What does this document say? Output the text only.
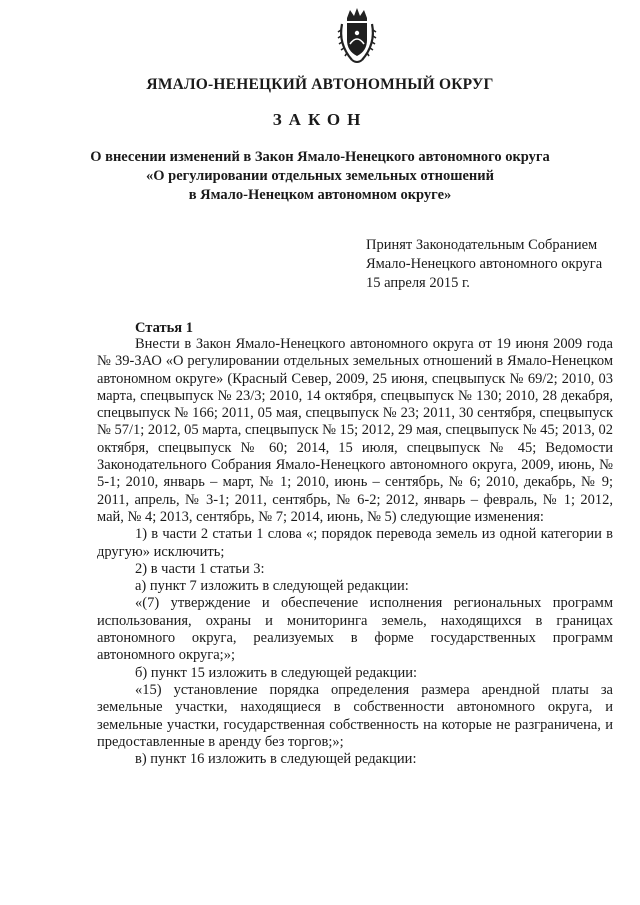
ЯМАЛО-НЕНЕЦКИЙ АВТОНОМНЫЙ ОКРУГ
ЗАКОН
О внесении изменений в Закон Ямало-Ненецкого автономного округа
«О регулировании отдельных земельных отношений
в Ямало-Ненецком автономном округе»
Принят Законодательным Собранием
Ямало-Ненецкого автономного округа
15 апреля 2015 г.
Статья 1

Внести в Закон Ямало-Ненецкого автономного округа от 19 июня 2009 года № 39-ЗАО «О регулировании отдельных земельных отношений в Ямало-Ненецком автономном округе» (Красный Север, 2009, 25 июня, спецвыпуск № 69/2; 2010, 03 марта, спецвыпуск № 23/3; 2010, 14 октября, спецвыпуск № 130; 2010, 28 декабря, спецвыпуск № 166; 2011, 05 мая, спецвыпуск № 23; 2011, 30 сентября, спецвыпуск № 57/1; 2012, 05 марта, спецвыпуск № 15; 2012, 29 мая, спецвыпуск № 45; 2013, 02 октября, спецвыпуск № 60; 2014, 15 июля, спецвыпуск № 45; Ведомости Законодательного Собрания Ямало-Ненецкого автономного округа, 2009, июнь, № 5-1; 2010, январь – март, № 1; 2010, июнь – сентябрь, № 6; 2010, декабрь, № 9; 2011, апрель, № 3-1; 2011, сентябрь, № 6-2; 2012, январь – февраль, № 1; 2012, май, № 4; 2013, сентябрь, № 7; 2014, июнь, № 5) следующие изменения:

1) в части 2 статьи 1 слова «; порядок перевода земель из одной категории в другую» исключить;

2) в части 1 статьи 3:

а) пункт 7 изложить в следующей редакции:

«(7) утверждение и обеспечение исполнения региональных программ использования, охраны и мониторинга земель, находящихся в границах автономного округа, реализуемых в форме государственных программ автономного округа;»;

б) пункт 15 изложить в следующей редакции:

«15) установление порядка определения размера арендной платы за земельные участки, находящиеся в собственности автономного округа, и земельные участки, государственная собственность на которые не разграничена, и предоставленные в аренду без торгов;»;

в) пункт 16 изложить в следующей редакции:
